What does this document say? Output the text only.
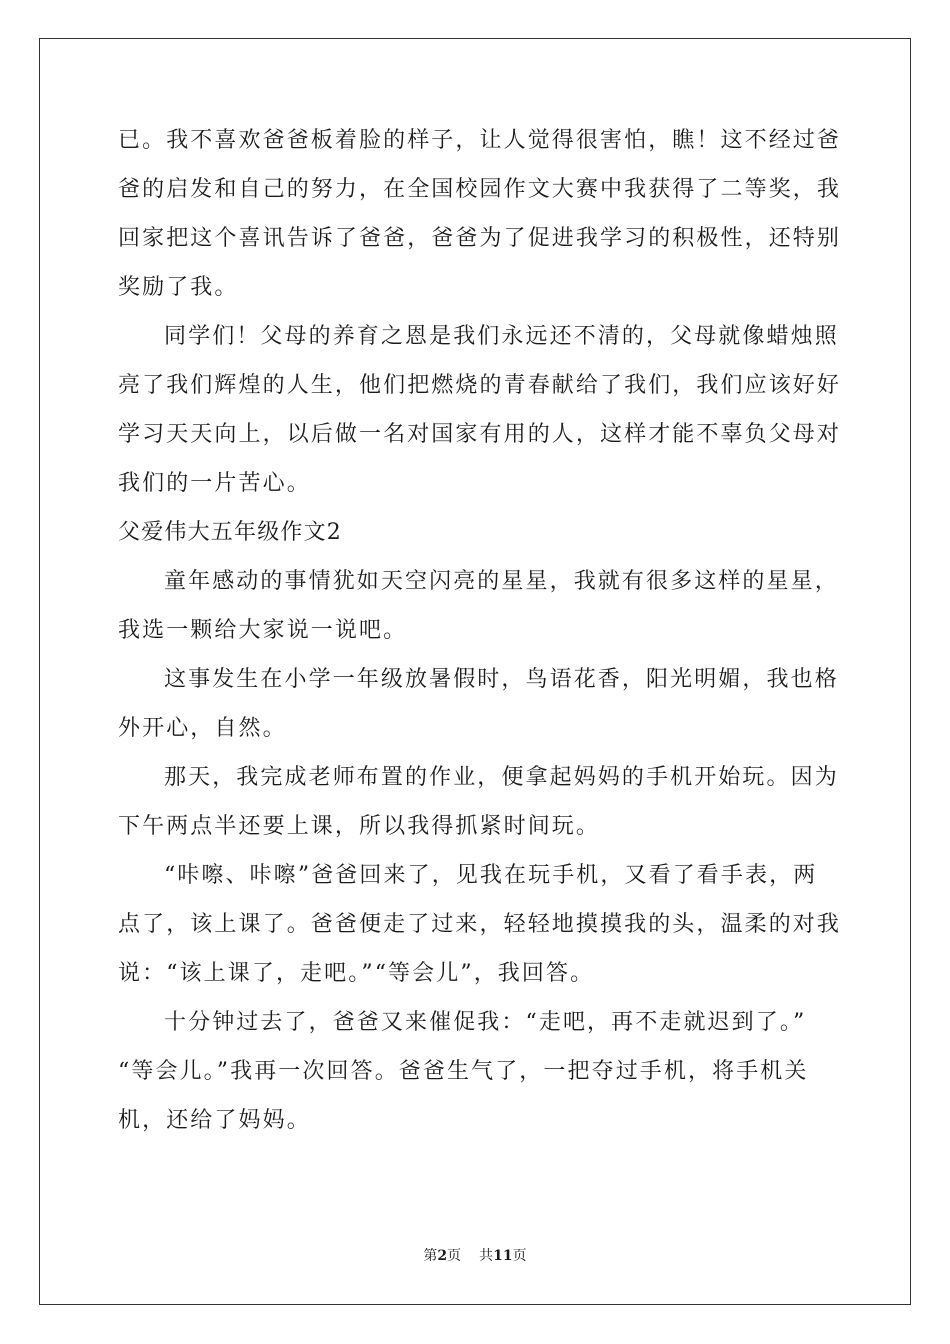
已。我不喜欢爸爸板着脸的样子，让人觉得很害怕，瞧！这不经过爸
爸的启发和自己的努力，在全国校园作文大赛中我获得了二等奖，我
回家把这个喜讯告诉了爸爸，爸爸为了促进我学习的积极性，还特别
奖励了我。
同学们！父母的养育之恩是我们永远还不清的，父母就像蜡烛照
亮了我们辉煌的人生，他们把燃烧的青春献给了我们，我们应该好好
学习天天向上，以后做一名对国家有用的人，这样才能不辜负父母对
我们的一片苦心。
父爱伟大五年级作文2
童年感动的事情犹如天空闪亮的星星，我就有很多这样的星星，
我选一颗给大家说一说吧。
这事发生在小学一年级放暑假时，鸟语花香，阳光明媚，我也格
外开心，自然。
那天，我完成老师布置的作业，便拿起妈妈的手机开始玩。因为
下午两点半还要上课，所以我得抓紧时间玩。
“咔嚓、咔嚓”爸爸回来了，见我在玩手机，又看了看手表，两
点了，该上课了。爸爸便走了过来，轻轻地摸摸我的头，温柔的对我
说：“该上课了，走吧。”“等会儿”，我回答。
十分钟过去了，爸爸又来催促我：“走吧，再不走就迟到了。”
“等会儿。”我再一次回答。爸爸生气了，一把夺过手机，将手机关
机，还给了妈妈。
第2页 共11页
